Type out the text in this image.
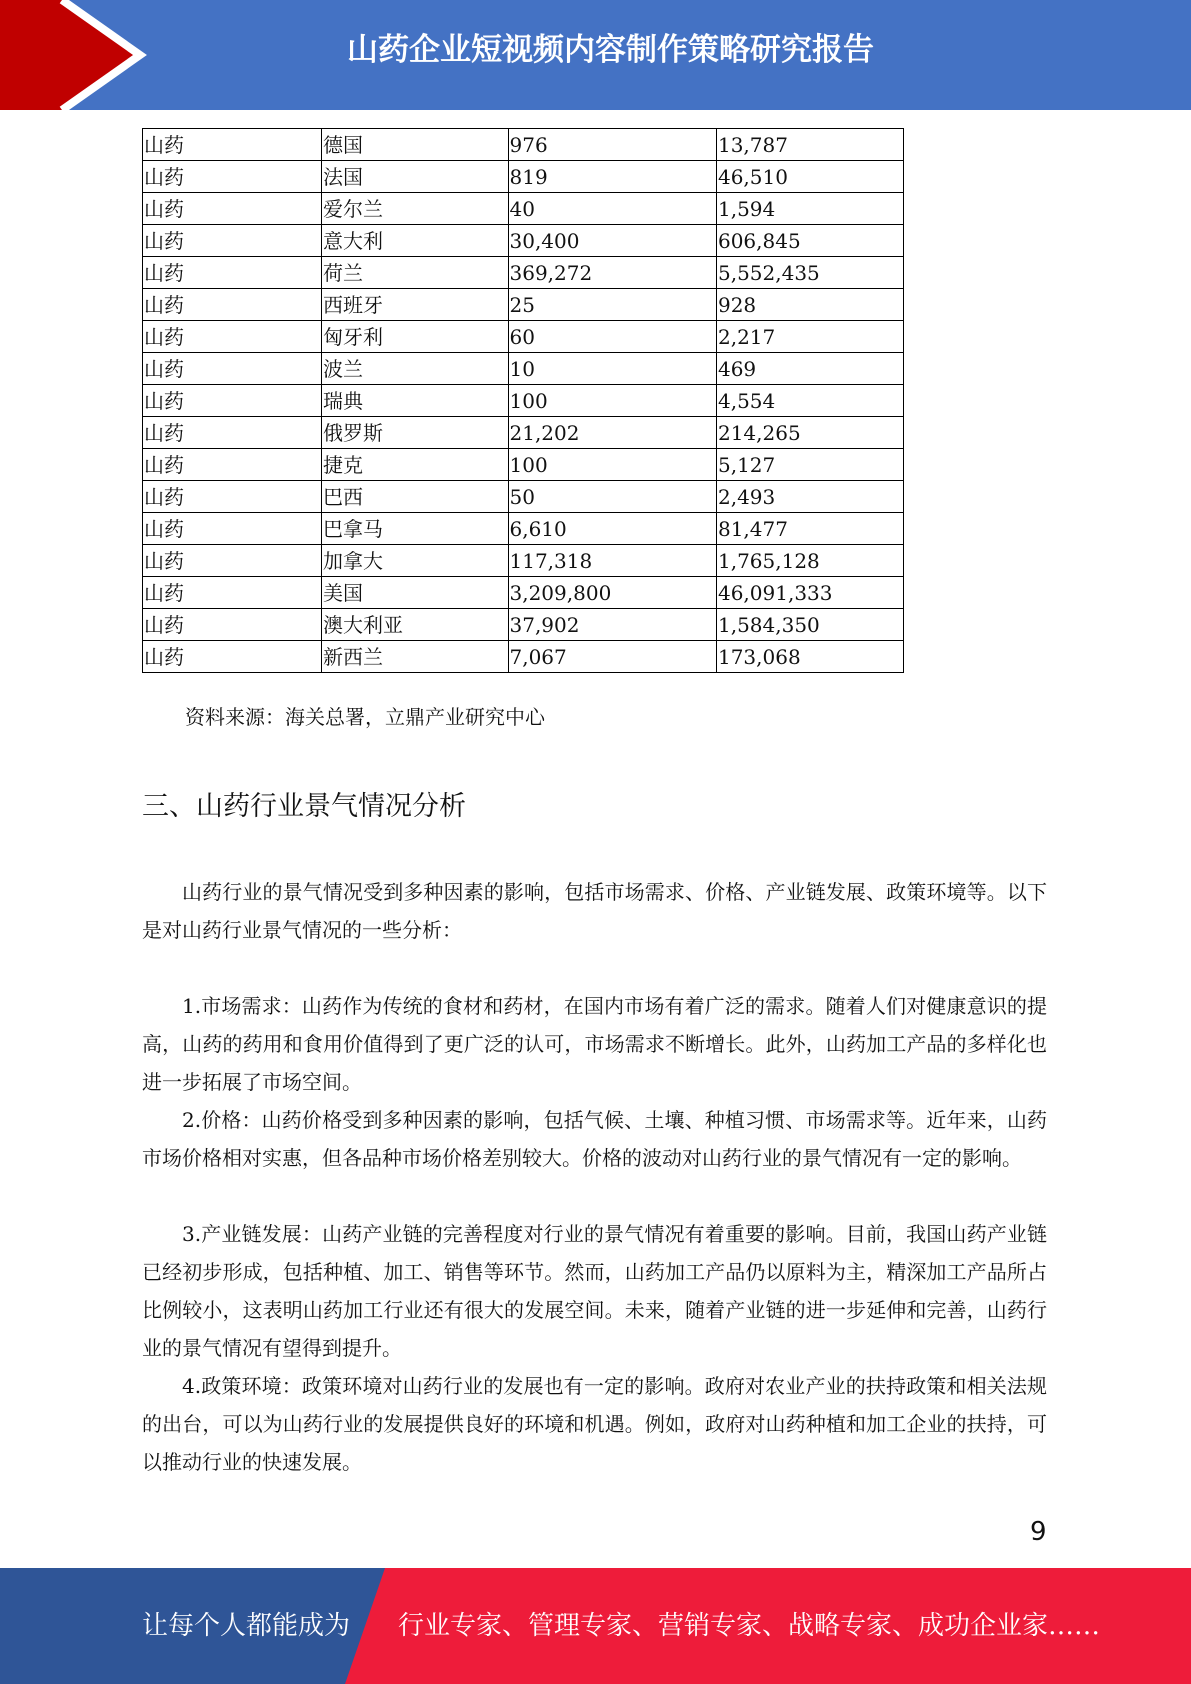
山药企业短视频内容制作策略研究报告
山药	德国	976	13,787
山药	法国	819	46,510
山药	爱尔兰	40	1,594
山药	意大利	30,400	606,845
山药	荷兰	369,272	5,552,435
山药	西班牙	25	928
山药	匈牙利	60	2,217
山药	波兰	10	469
山药	瑞典	100	4,554
山药	俄罗斯	21,202	214,265
山药	捷克	100	5,127
山药	巴西	50	2,493
山药	巴拿马	6,610	81,477
山药	加拿大	117,318	1,765,128
山药	美国	3,209,800	46,091,333
山药	澳大利亚	37,902	1,584,350
山药	新西兰	7,067	173,068
资料来源：海关总署，立鼎产业研究中心
三、山药行业景气情况分析

山药行业的景气情况受到多种因素的影响，包括市场需求、价格、产业链发展、政策环境等。以下是对山药行业景气情况的一些分析：

1.市场需求：山药作为传统的食材和药材，在国内市场有着广泛的需求。随着人们对健康意识的提高，山药的药用和食用价值得到了更广泛的认可，市场需求不断增长。此外，山药加工产品的多样化也进一步拓展了市场空间。

2.价格：山药价格受到多种因素的影响，包括气候、土壤、种植习惯、市场需求等。近年来，山药市场价格相对实惠，但各品种市场价格差别较大。价格的波动对山药行业的景气情况有一定的影响。

3.产业链发展：山药产业链的完善程度对行业的景气情况有着重要的影响。目前，我国山药产业链已经初步形成，包括种植、加工、销售等环节。然而，山药加工产品仍以原料为主，精深加工产品所占比例较小，这表明山药加工行业还有很大的发展空间。未来，随着产业链的进一步延伸和完善，山药行业的景气情况有望得到提升。

4.政策环境：政策环境对山药行业的发展也有一定的影响。政府对农业产业的扶持政策和相关法规的出台，可以为山药行业的发展提供良好的环境和机遇。例如，政府对山药种植和加工企业的扶持，可以推动行业的快速发展。

9
让每个人都能成为 行业专家、管理专家、营销专家、战略专家、成功企业家……
